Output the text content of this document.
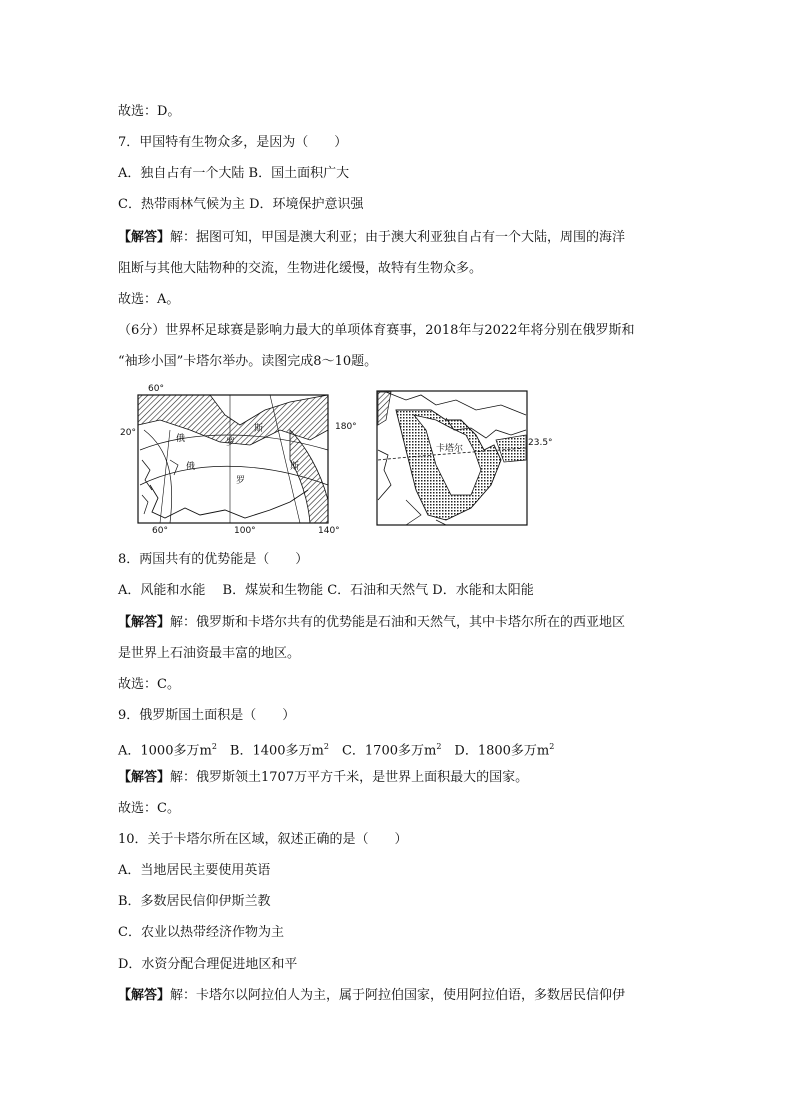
故选：D。
7．甲国特有生物众多，是因为（　　）
A．独自占有一个大陆 B．国土面积广大
C．热带雨林气候为主 D．环境保护意识强
【解答】解：据图可知，甲国是澳大利亚；由于澳大利亚独自占有一个大陆，周围的海洋
阻断与其他大陆物种的交流，生物进化缓慢，故特有生物众多。
故选：A。
（6分）世界杯足球赛是影响力最大的单项体育赛事，2018年与2022年将分别在俄罗斯和
“袖珍小国”卡塔尔举办。读图完成8～10题。
60°
20°
180°
60°	100°	140°
俄	罗
斯
俄
罗
斯
卡塔尔
23.5°
8．两国共有的优势能是（　　）
A．风能和水能　 B．煤炭和生物能 C．石油和天然气 D．水能和太阳能
【解答】解：俄罗斯和卡塔尔共有的优势能是石油和天然气，其中卡塔尔所在的西亚地区
是世界上石油资最丰富的地区。
故选：C。
9．俄罗斯国土面积是（　　）
A．1000多万$m^2$　B．1400多万$m^2$　C．1700多万$m^2$　D．1800多万$m^2$
【解答】解：俄罗斯领土1707万平方千米，是世界上面积最大的国家。
故选：C。
10．关于卡塔尔所在区域，叙述正确的是（　　）
A．当地居民主要使用英语
B．多数居民信仰伊斯兰教
C．农业以热带经济作物为主
D．水资分配合理促进地区和平
【解答】解：卡塔尔以阿拉伯人为主，属于阿拉伯国家，使用阿拉伯语，多数居民信仰伊
